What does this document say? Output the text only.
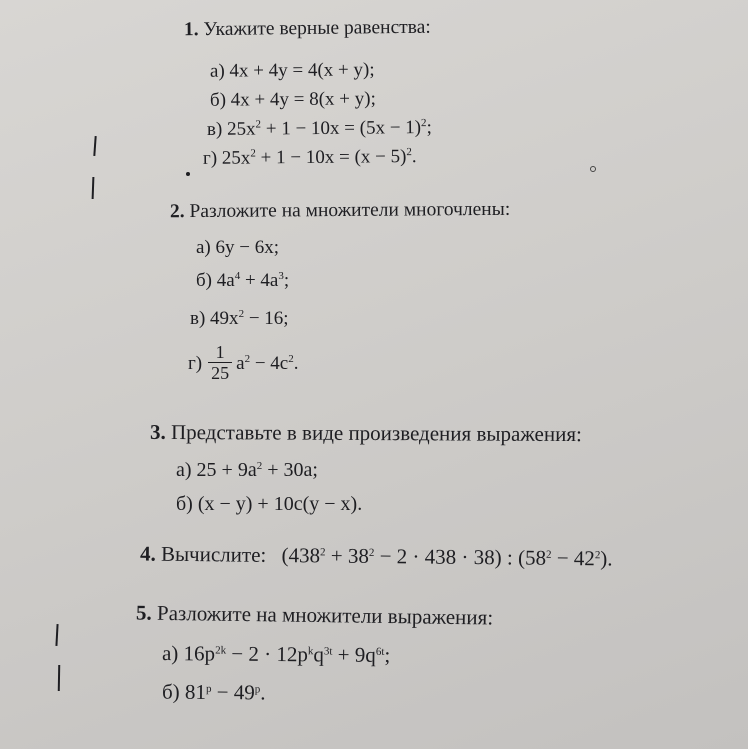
1. Укажите верные равенства:
а) 4x + 4y = 4(x + y);
б) 4x + 4y = 8(x + y);
в) $25x^2 + 1 - 10x = (5x - 1)^2$;
г) $25x^2 + 1 - 10x = (x - 5)^2$.
2. Разложите на множители многочлены:
а) 6y − 6x;
б) $4a^4 + 4a^3$;
в) $49x^2 - 16$;
$г) \frac{1}{25} a^2 - 4c^2$.
3. Представьте в виде произведения выражения:
а) $25 + 9a^2 + 30a$;
б) (x − y) + 10c(y − x).
4. Вычислите: $(438^2 + 38^2 - 2 \cdot 438 \cdot 38)$ : $(58^2 - 42^2)$.
5. Разложите на множители выражения:
а) $16p^{2k} - 2 \cdot 12p^kq^{3t} + 9q^{6t}$;
б) $81^p - 49^p$.
